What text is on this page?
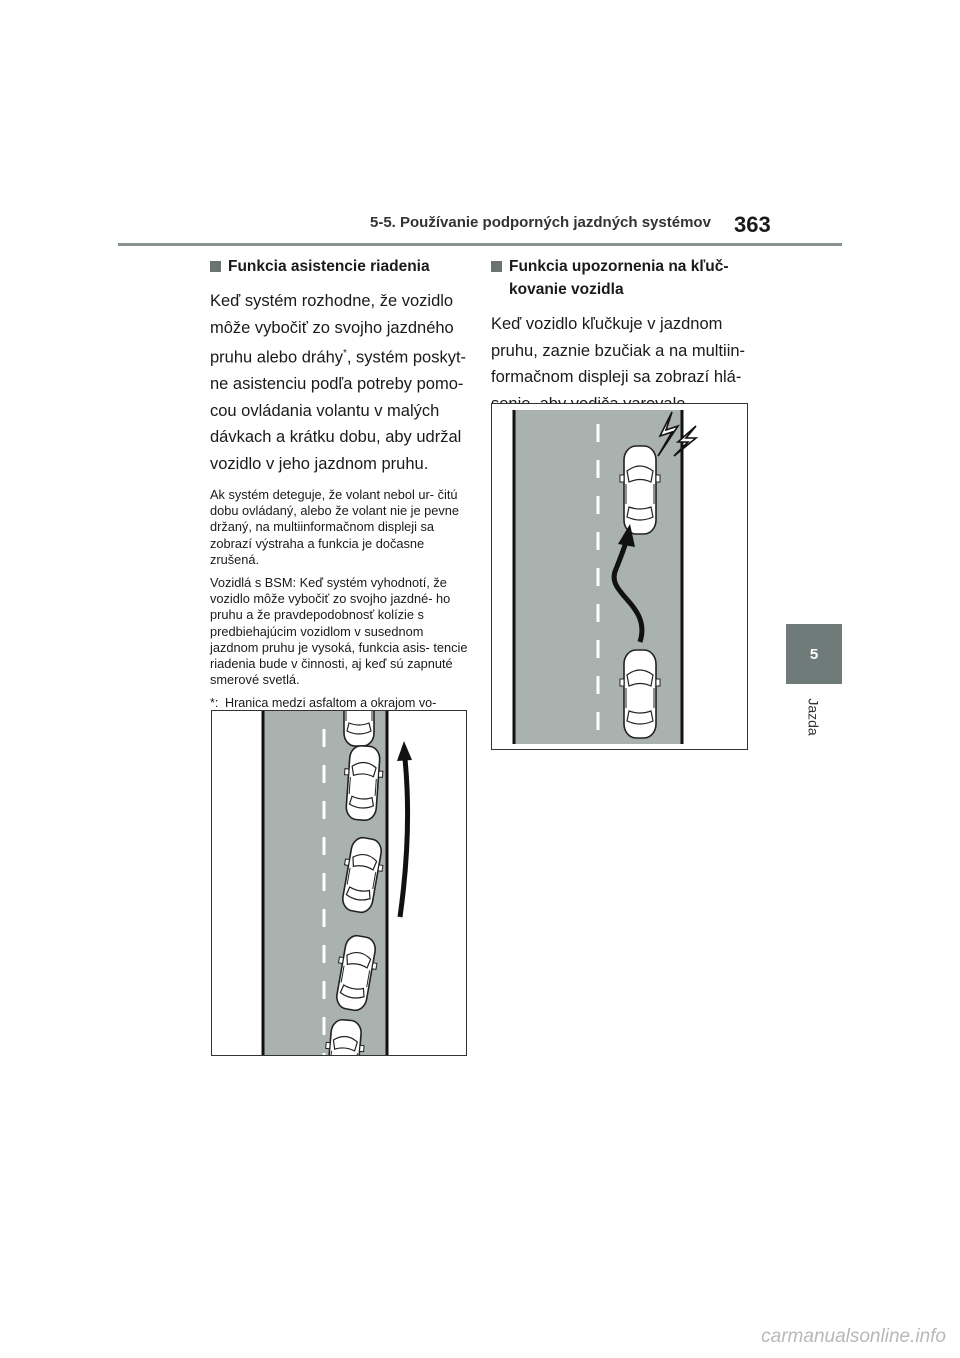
5-5. Používanie podporných jazdných systémov 363
5
Jazda
Funkcia asistencie riadenia

Keď systém rozhodne, že vozidlo môže vybočiť zo svojho jazdného pruhu alebo dráhy*, systém poskyt- ne asistenciu podľa potreby pomo- cou ovládania volantu v malých dávkach a krátku dobu, aby udržal vozidlo v jeho jazdnom pruhu.

Ak systém deteguje, že volant nebol ur- čitú dobu ovládaný, alebo že volant nie je pevne držaný, na multiinformačnom displeji sa zobrazí výstraha a funkcia je dočasne zrušená.

Vozidlá s BSM: Keď systém vyhodnotí, že vozidlo môže vybočiť zo svojho jazdné- ho pruhu a že pravdepodobnosť kolízie s predbiehajúcim vozidlom v susednom jazdnom pruhu je vysoká, funkcia asis- tencie riadenia bude v činnosti, aj keď sú zapnuté smerové svetlá.

*: Hranica medzi asfaltom a okrajom vo-
Funkcia upozornenia na kľuč- kovanie vozidla

Keď vozidlo kľučkuje v jazdnom pruhu, zaznie bzučiak a na multiin- formačnom displeji sa zobrazí hlá-

carmanualsonline.info
